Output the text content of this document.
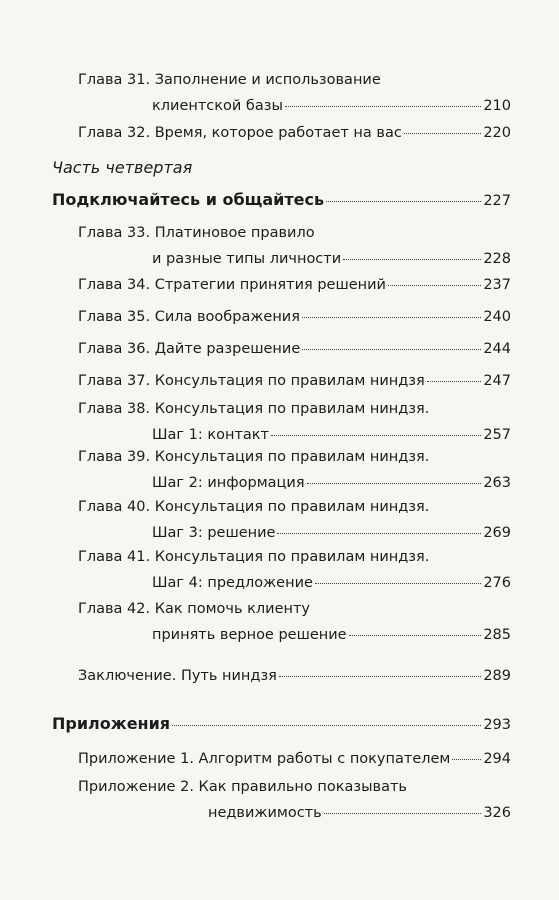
Глава 31. Заполнение и использование
клиентской базы	210
Глава 32. Время, которое работает на вас	220
Часть четвертая
Подключайтесь и общайтесь	227
Глава 33. Платиновое правило
и разные типы личности	228
Глава 34. Стратегии принятия решений	237
Глава 35. Сила воображения	240
Глава 36. Дайте разрешение	244
Глава 37. Консультация по правилам ниндзя	247
Глава 38. Консультация по правилам ниндзя.
Шаг 1: контакт	257
Глава 39. Консультация по правилам ниндзя.
Шаг 2: информация	263
Глава 40. Консультация по правилам ниндзя.
Шаг 3: решение	269
Глава 41. Консультация по правилам ниндзя.
Шаг 4: предложение	276
Глава 42. Как помочь клиенту
принять верное решение	285
Заключение. Путь ниндзя	289
Приложения	293
Приложение 1. Алгоритм работы с покупателем 294
Приложение 2. Как правильно показывать
недвижимость	326
